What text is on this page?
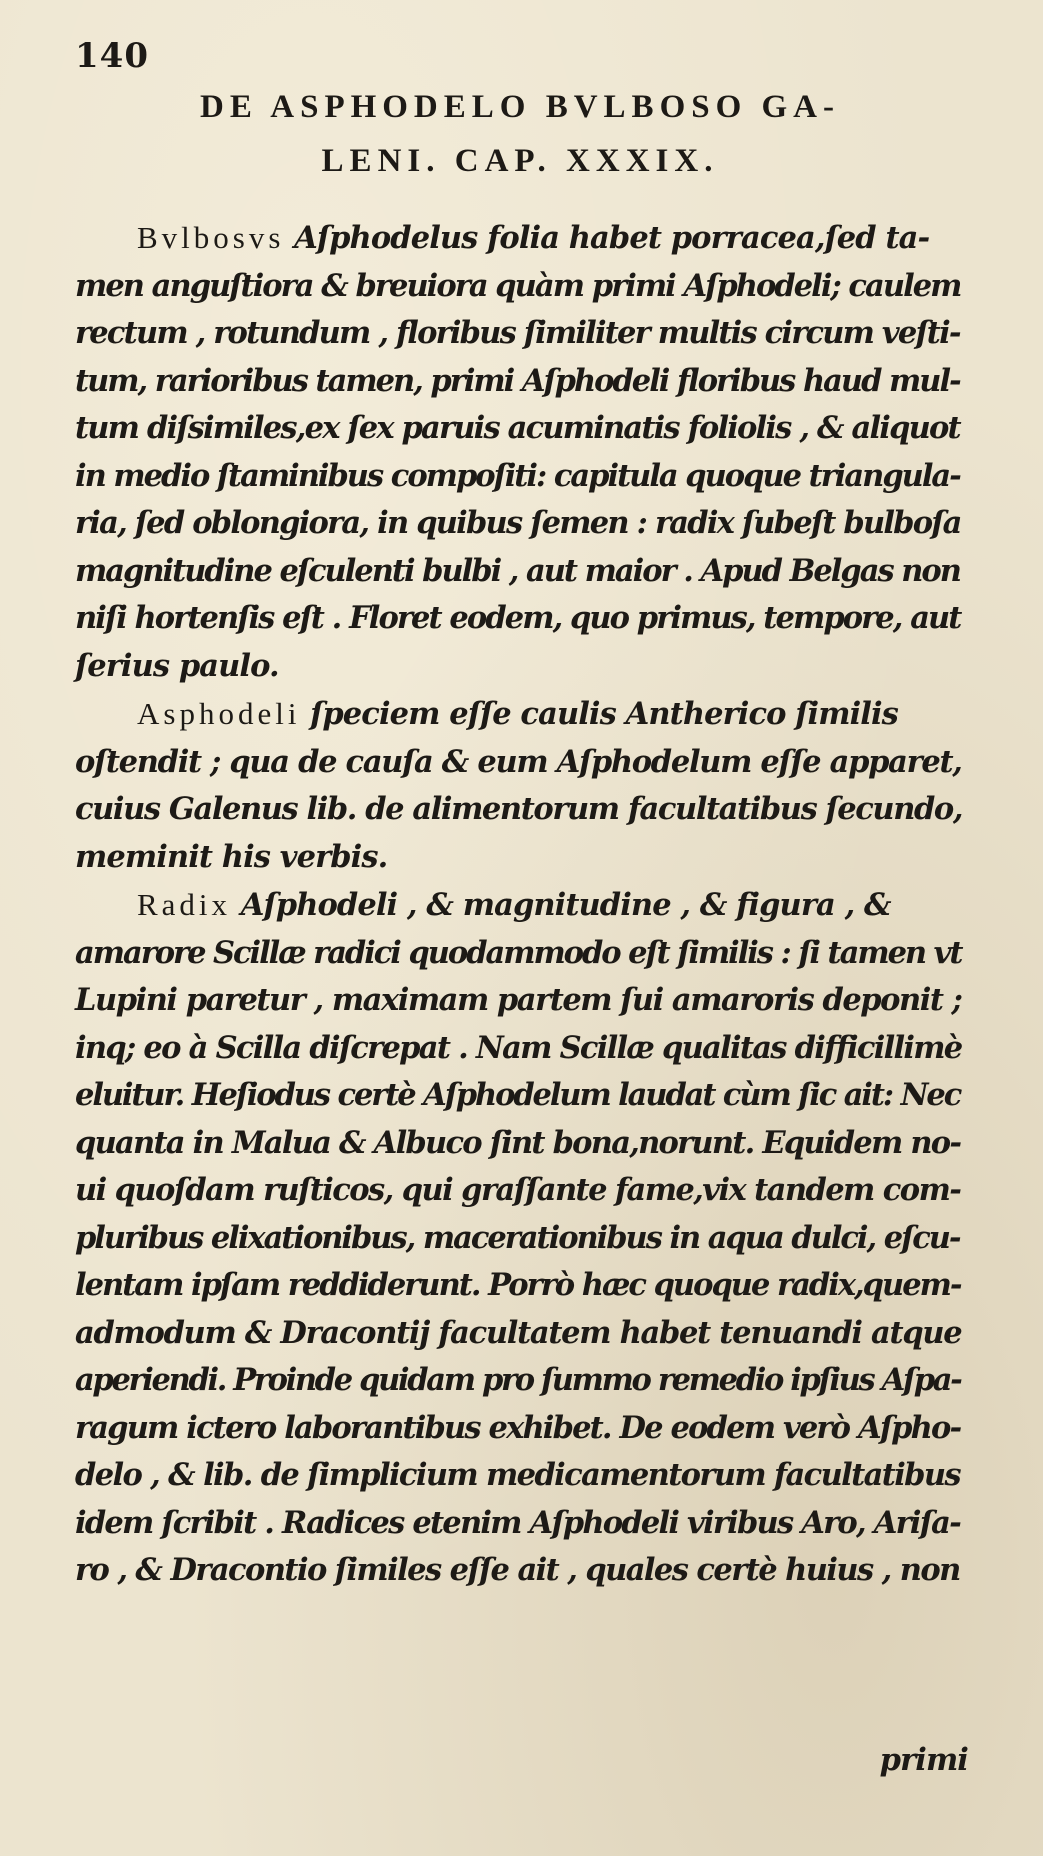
140
DE ASPHODELO BVLBOSO GA-
LENI. CAP. XXXIX.
Bvlbosvs Aſphodelus folia habet porracea,ſed ta-
men anguſtiora & breuiora quàm primi Aſphodeli; caulem
rectum , rotundum , floribus ſimiliter multis circum veſti-
tum, rarioribus tamen, primi Aſphodeli floribus haud mul-
tum diſsimiles,ex ſex paruis acuminatis foliolis , & aliquot
in medio ſtaminibus compoſiti: capitula quoque triangula-
ria, ſed oblongiora, in quibus ſemen : radix ſubeſt bulboſa
magnitudine eſculenti bulbi , aut maior . Apud Belgas non
niſi hortenſis eſt . Floret eodem, quo primus, tempore, aut
ſerius paulo.
Asphodeli ſpeciem eſſe caulis Antherico ſimilis
oſtendit ; qua de cauſa & eum Aſphodelum eſſe apparet,
cuius Galenus lib. de alimentorum facultatibus ſecundo,
meminit his verbis.
Radix Aſphodeli , & magnitudine , & figura , &
amarore Scillæ radici quodammodo eſt ſimilis : ſi tamen vt
Lupini paretur , maximam partem ſui amaroris deponit ;
inq; eo à Scilla diſcrepat . Nam Scillæ qualitas difficillimè
eluitur. Heſiodus certè Aſphodelum laudat cùm ſic ait: Nec
quanta in Malua & Albuco ſint bona,norunt. Equidem no-
ui quoſdam ruſticos, qui graſſante fame,vix tandem com-
pluribus elixationibus, macerationibus in aqua dulci, eſcu-
lentam ipſam reddiderunt. Porrò hæc quoque radix,quem-
admodum & Dracontij facultatem habet tenuandi atque
aperiendi. Proinde quidam pro ſummo remedio ipſius Aſpa-
ragum ictero laborantibus exhibet. De eodem verò Aſpho-
delo , & lib. de ſimplicium medicamentorum facultatibus
idem ſcribit . Radices etenim Aſphodeli viribus Aro, Ariſa-
ro , & Dracontio ſimiles eſſe ait , quales certè huius , non
primi
